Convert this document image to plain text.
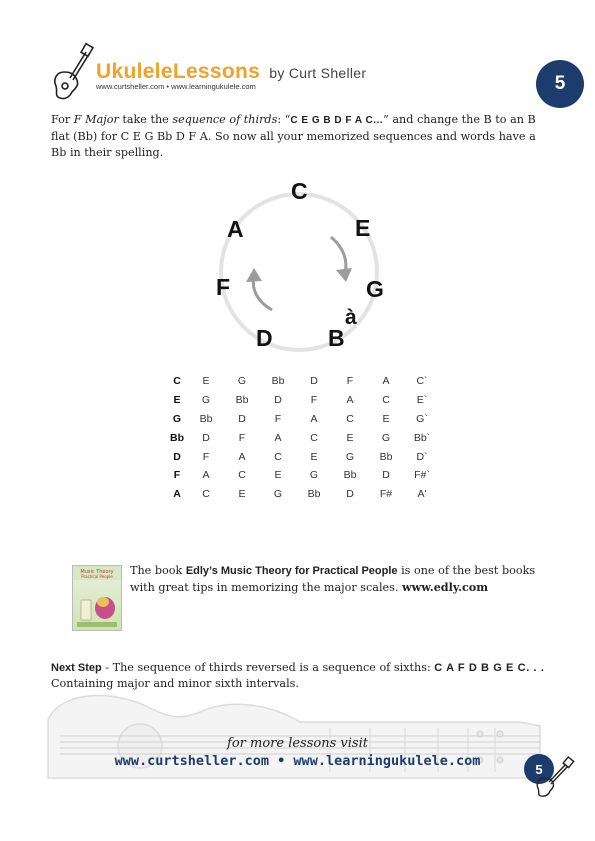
UkuleleLessons by Curt Sheller
www.curtsheller.com • www.learningukulele.com	5
For F Major take the sequence of thirds: “C E G B D F A C...” and change the B to an B flat (Bb) for C E G Bb D F A. So now all your memorized sequences and words have a Bb in their spelling.
C
E
G
B
à
D
F
A
C	E	G	Bb	D	F	A	C`
E	G	Bb	D	F	A	C	E`
G	Bb	D	F	A	C	E	G`
Bb	D	F	A	C	E	G	Bb`
D	F	A	C	E	G	Bb	D`
F	A	C	E	G	Bb	D	F#`
A	C	E	G	Bb	D	F#	A'
Music Theory
Practical People The book Edly’s Music Theory for Practical People is one of the best books with great tips in memorizing the major scales. www.edly.com
Next Step - The sequence of thirds reversed is a sequence of sixths: C A F D B G E C. . . Containing major and minor sixth intervals.
for more lessons visit
www.curtsheller.com • www.learningukulele.com	5
